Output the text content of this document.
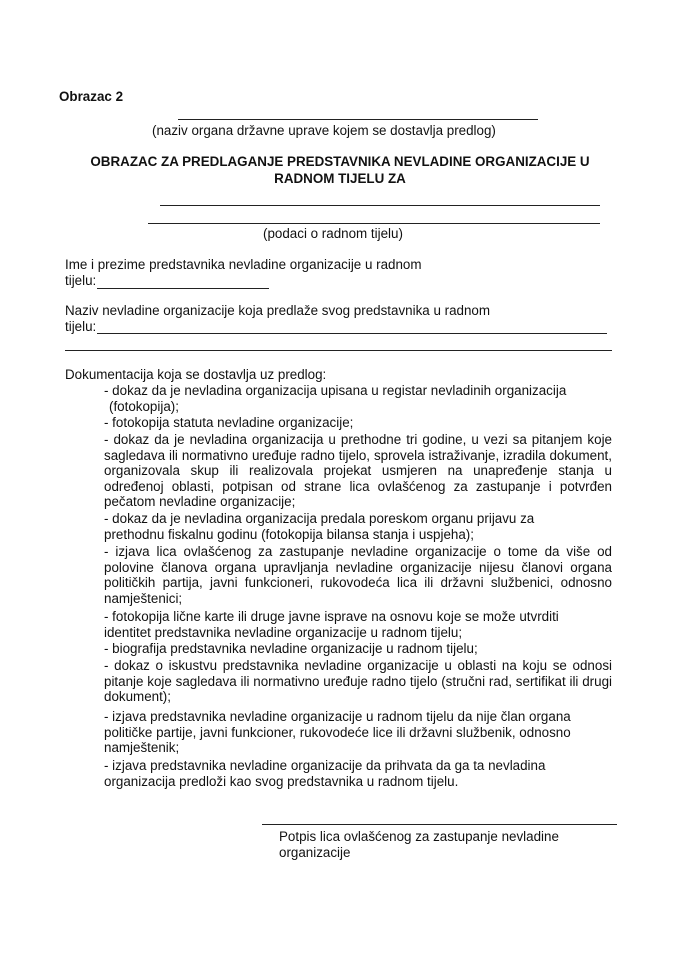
Obrazac 2
(naziv organa državne uprave kojem se dostavlja predlog)
OBRAZAC ZA PREDLAGANJE PREDSTAVNIKA NEVLADINE ORGANIZACIJE U
RADNOM TIJELU ZA
(podaci o radnom tijelu)
Ime i prezime predstavnika nevladine organizacije u radnom
tijelu:
Naziv nevladine organizacije koja predlaže svog predstavnika u radnom
tijelu:
Dokumentacija koja se dostavlja uz predlog:
- dokaz da je nevladina organizacija upisana u registar nevladinih organizacija
(fotokopija);
- fotokopija statuta nevladine organizacije;
- dokaz da je nevladina organizacija u prethodne tri godine, u vezi sa pitanjem koje sagledava ili normativno uređuje radno tijelo, sprovela istraživanje, izradila dokument, organizovala skup ili realizovala projekat usmjeren na unapređenje stanja u određenoj oblasti, potpisan od strane lica ovlašćenog za zastupanje i potvrđen pečatom nevladine organizacije;
- dokaz da je nevladina organizacija predala poreskom organu prijavu za prethodnu fiskalnu godinu (fotokopija bilansa stanja i uspjeha);
- izjava lica ovlašćenog za zastupanje nevladine organizacije o tome da više od polovine članova organa upravljanja nevladine organizacije nijesu članovi organa političkih partija, javni funkcioneri, rukovodeća lica ili državni službenici, odnosno namještenici;
- fotokopija lične karte ili druge javne isprave na osnovu koje se može utvrditi identitet predstavnika nevladine organizacije u radnom tijelu;
- biografija predstavnika nevladine organizacije u radnom tijelu;
- dokaz o iskustvu predstavnika nevladine organizacije u oblasti na koju se odnosi pitanje koje sagledava ili normativno uređuje radno tijelo (stručni rad, sertifikat ili drugi dokument);
- izjava predstavnika nevladine organizacije u radnom tijelu da nije član organa političke partije, javni funkcioner, rukovodeće lice ili državni službenik, odnosno namještenik;
- izjava predstavnika nevladine organizacije da prihvata da ga ta nevladina organizacija predloži kao svog predstavnika u radnom tijelu.
Potpis lica ovlašćenog za zastupanje nevladine
organizacije
